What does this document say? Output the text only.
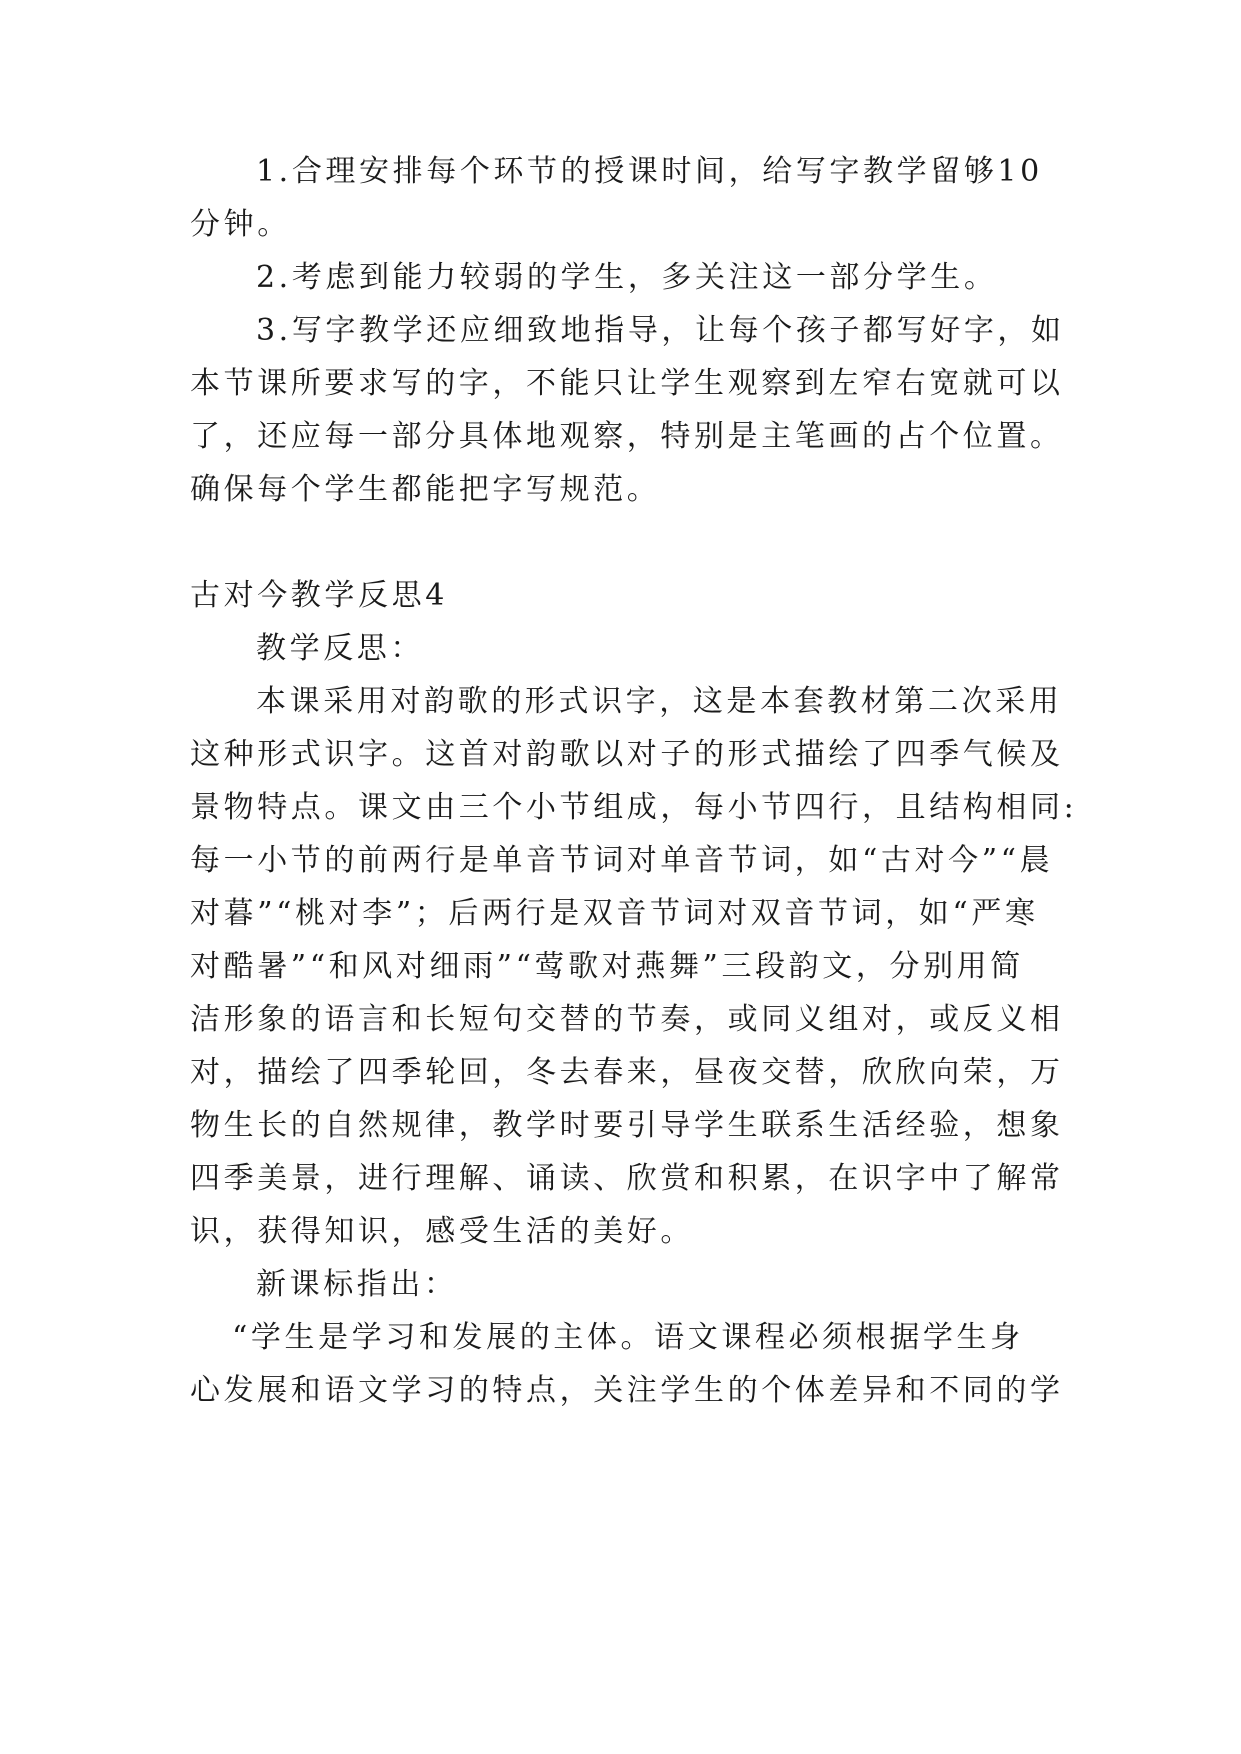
1.合理安排每个环节的授课时间，给写字教学留够10
分钟。
2.考虑到能力较弱的学生，多关注这一部分学生。
3.写字教学还应细致地指导，让每个孩子都写好字，如
本节课所要求写的字，不能只让学生观察到左窄右宽就可以
了，还应每一部分具体地观察，特别是主笔画的占个位置。
确保每个学生都能把字写规范。
古对今教学反思4
教学反思：
本课采用对韵歌的形式识字，这是本套教材第二次采用
这种形式识字。这首对韵歌以对子的形式描绘了四季气候及
景物特点。课文由三个小节组成，每小节四行，且结构相同:
每一小节的前两行是单音节词对单音节词，如“古对今”“晨
对暮”“桃对李”；后两行是双音节词对双音节词，如“严寒
对酷暑”“和风对细雨”“莺歌对燕舞”三段韵文，分别用简
洁形象的语言和长短句交替的节奏，或同义组对，或反义相
对，描绘了四季轮回，冬去春来，昼夜交替，欣欣向荣，万
物生长的自然规律，教学时要引导学生联系生活经验，想象
四季美景，进行理解、诵读、欣赏和积累，在识字中了解常
识，获得知识，感受生活的美好。
新课标指出：
“学生是学习和发展的主体。语文课程必须根据学生身
心发展和语文学习的特点，关注学生的个体差异和不同的学
